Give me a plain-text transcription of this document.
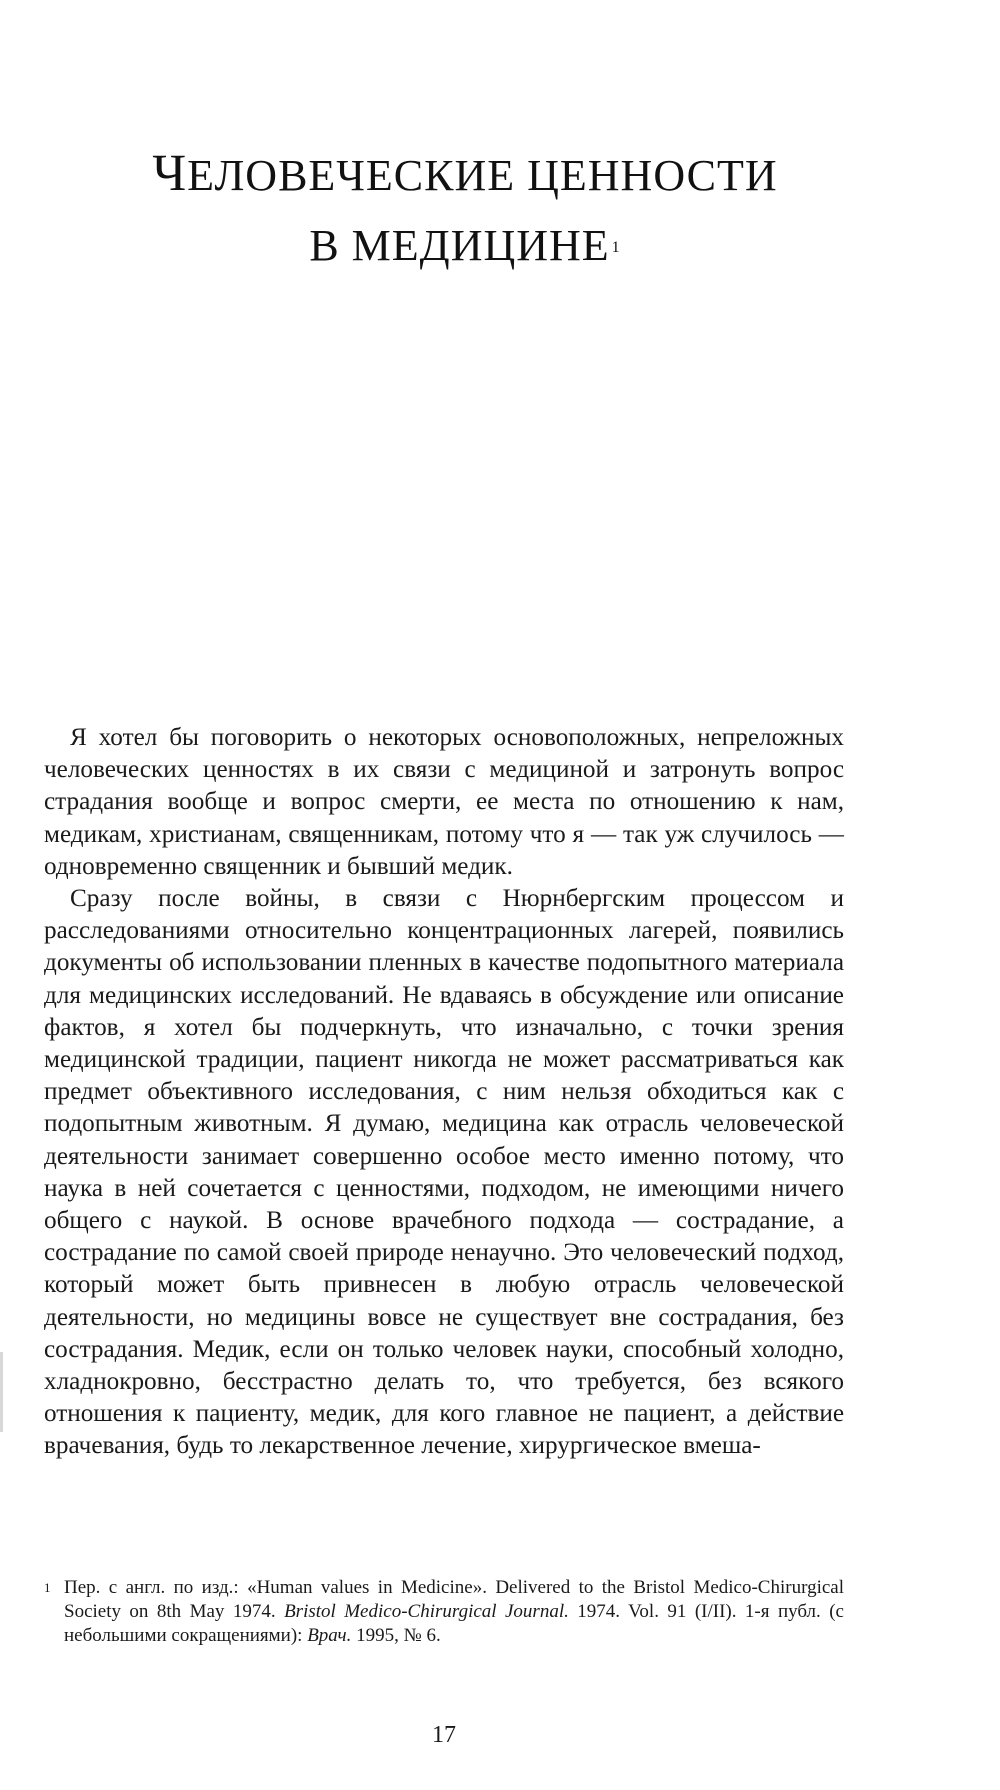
ЧЕЛОВЕЧЕСКИЕ ЦЕННОСТИ
В МЕДИЦИНЕ $^1$

Я хотел бы поговорить о некоторых основоположных, непреложных человеческих ценностях в их связи с медициной и затронуть вопрос страдания вообще и вопрос смерти, ее места по отношению к нам, медикам, христианам, священникам, потому что я — так уж случилось — одновременно священник и бывший медик.

Сразу после войны, в связи с Нюрнбергским процессом и расследованиями относительно концентрационных лагерей, появились документы об использовании пленных в качестве подопытного материала для медицинских исследований. Не вдаваясь в обсуждение или описание фактов, я хотел бы подчеркнуть, что изначально, с точки зрения медицинской традиции, пациент никогда не может рассматриваться как предмет объективного исследования, с ним нельзя обходиться как с подопытным животным. Я думаю, медицина как отрасль человеческой деятельности занимает совершенно особое место именно потому, что наука в ней сочетается с ценностями, подходом, не имеющими ничего общего с наукой. В основе врачебного подхода — сострадание, а сострадание по самой своей природе ненаучно. Это человеческий подход, который может быть привнесен в любую отрасль человеческой деятельности, но медицины вовсе не существует вне сострадания, без сострадания. Медик, если он только человек науки, способный холодно, хладнокровно, бесстрастно делать то, что требуется, без всякого отношения к пациенту, медик, для кого главное не пациент, а действие врачевания, будь то лекарственное лечение, хирургическое вмеша-

1 Пер. с англ. по изд.: «Human values in Medicine». Delivered to the Bristol Medico-Chirurgical Society on 8th May 1974. Bristol Medico-Chirurgical Journal. 1974. Vol. 91 (I/II). 1-я публ. (с небольшими сокращениями): Врач. 1995, № 6.

17
